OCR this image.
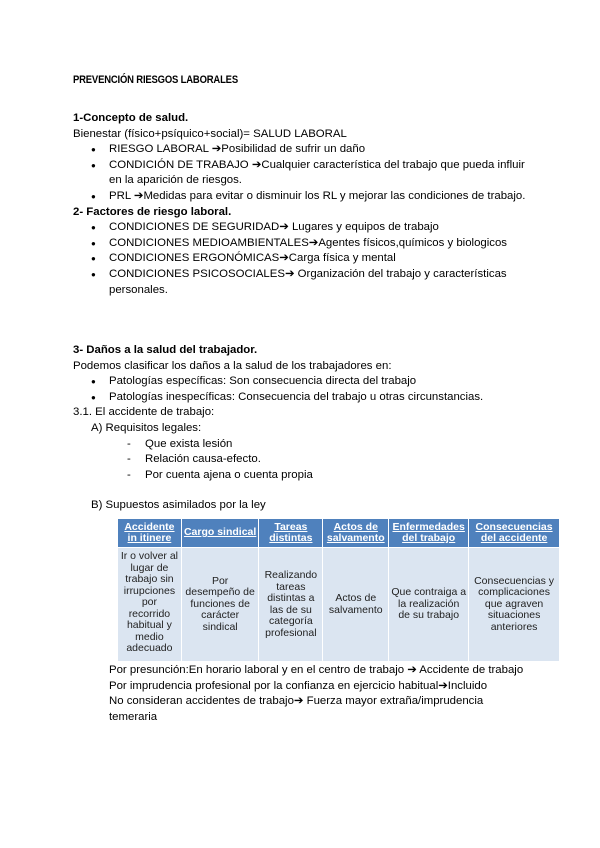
PREVENCIÓN RIESGOS LABORALES
1-Concepto de salud.
Bienestar (físico+psíquico+social)= SALUD LABORAL
● RIESGO LABORAL ➔Posibilidad de sufrir un daño
● CONDICIÓN DE TRABAJO ➔Cualquier característica del trabajo que pueda influir en la aparición de riesgos.
● PRL ➔Medidas para evitar o disminuir los RL y mejorar las condiciones de trabajo.
2- Factores de riesgo laboral.
● CONDICIONES DE SEGURIDAD➔ Lugares y equipos de trabajo
● CONDICIONES MEDIOAMBIENTALES➔Agentes físicos,químicos y biologicos
● CONDICIONES ERGONÓMICAS➔Carga física y mental
● CONDICIONES PSICOSOCIALES➔ Organización del trabajo y características personales.
3- Daños a la salud del trabajador.
Podemos clasificar los daños a la salud de los trabajadores en:
● Patologías específicas: Son consecuencia directa del trabajo
● Patologías inespecíficas: Consecuencia del trabajo u otras circunstancias.
3.1. El accidente de trabajo:
A) Requisitos legales:
- Que exista lesión
- Relación causa-efecto.
- Por cuenta ajena o cuenta propia
B) Supuestos asimilados por la ley
Accidente in itinere	Cargo sindical	Tareas distintas	Actos de salvamento	Enfermedades del trabajo	Consecuencias del accidente
Ir o volver al lugar de trabajo sin irrupciones por recorrido habitual y medio adecuado	Por desempeño de funciones de carácter sindical	Realizando tareas distintas a las de su categoría profesional	Actos de salvamento	Que contraiga a la realización de su trabajo	Consecuencias y complicaciones que agraven situaciones anteriores
Por presunción:En horario laboral y en el centro de trabajo ➔ Accidente de trabajo
Por imprudencia profesional por la confianza en ejercicio habitual➔Incluido
No consideran accidentes de trabajo➔ Fuerza mayor extraña/imprudencia temeraria
